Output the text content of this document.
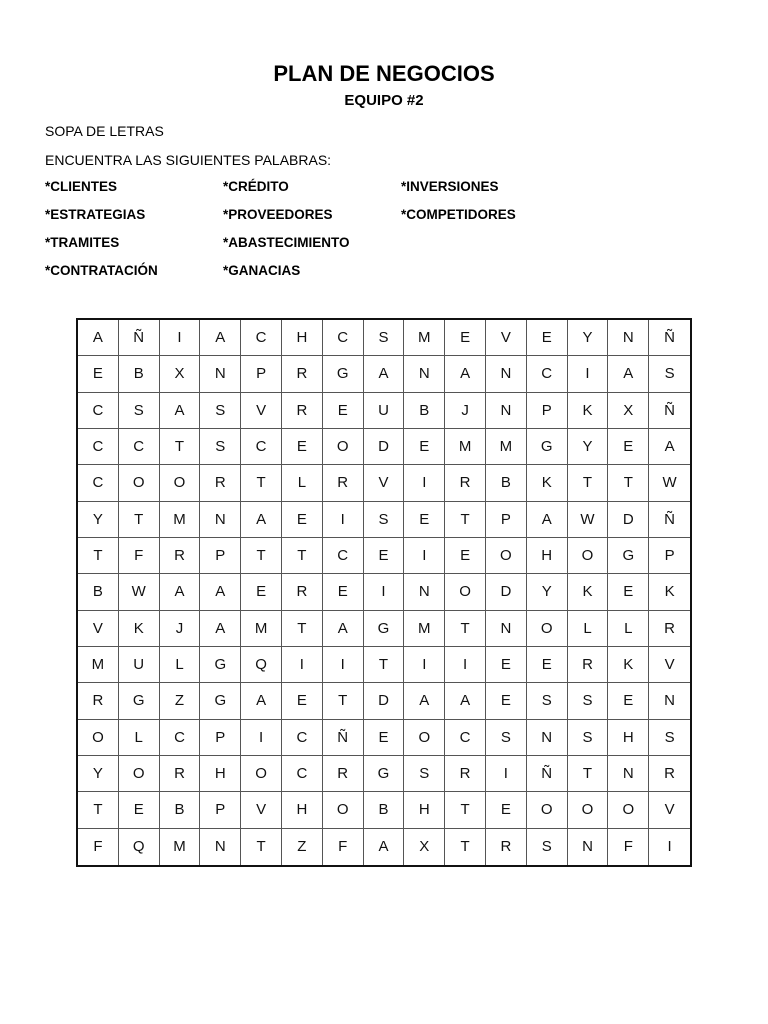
PLAN DE NEGOCIOS
EQUIPO #2
SOPA DE LETRAS
ENCUENTRA LAS SIGUIENTES PALABRAS:
*CLIENTES	*CRÉDITO	*INVERSIONES
*ESTRATEGIAS	*PROVEEDORES	*COMPETIDORES
*TRAMITES	*ABASTECIMIENTO
*CONTRATACIÓN	*GANACIAS
A	Ñ	I	A	C	H	C	S	M	E	V	E	Y	N	Ñ
E	B	X	N	P	R	G	A	N	A	N	C	I	A	S
C	S	A	S	V	R	E	U	B	J	N	P	K	X	Ñ
C	C	T	S	C	E	O	D	E	M	M	G	Y	E	A
C	O	O	R	T	L	R	V	I	R	B	K	T	T	W
Y	T	M	N	A	E	I	S	E	T	P	A	W	D	Ñ
T	F	R	P	T	T	C	E	I	E	O	H	O	G	P
B	W	A	A	E	R	E	I	N	O	D	Y	K	E	K
V	K	J	A	M	T	A	G	M	T	N	O	L	L	R
M	U	L	G	Q	I	I	T	I	I	E	E	R	K	V
R	G	Z	G	A	E	T	D	A	A	E	S	S	E	N
O	L	C	P	I	C	Ñ	E	O	C	S	N	S	H	S
Y	O	R	H	O	C	R	G	S	R	I	Ñ	T	N	R
T	E	B	P	V	H	O	B	H	T	E	O	O	O	V
F	Q	M	N	T	Z	F	A	X	T	R	S	N	F	I
